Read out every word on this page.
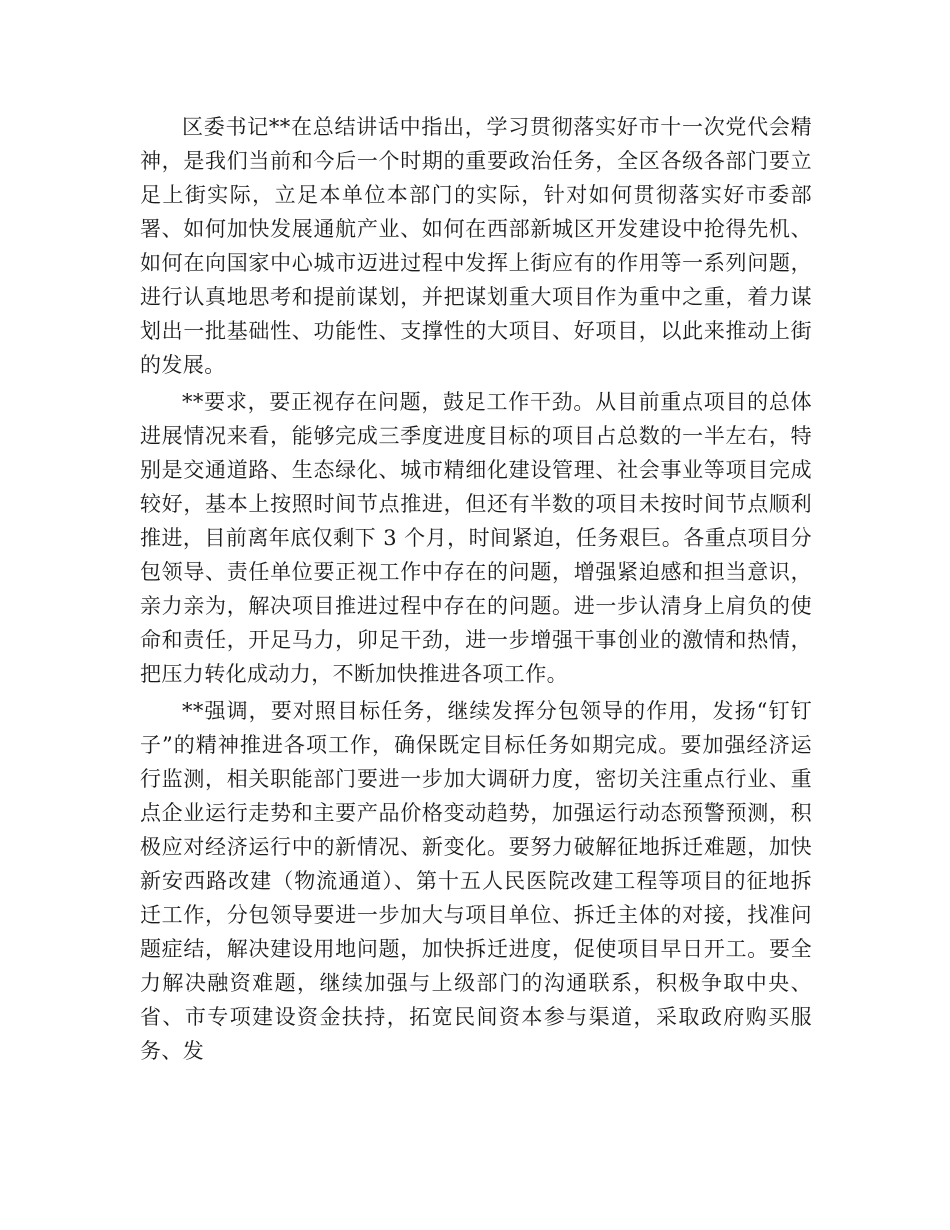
区委书记**在总结讲话中指出，学习贯彻落实好市十一次党代会精神，是我们当前和今后一个时期的重要政治任务，全区各级各部门要立足上街实际，立足本单位本部门的实际，针对如何贯彻落实好市委部署、如何加快发展通航产业、如何在西部新城区开发建设中抢得先机、如何在向国家中心城市迈进过程中发挥上街应有的作用等一系列问题，进行认真地思考和提前谋划，并把谋划重大项目作为重中之重，着力谋划出一批基础性、功能性、支撑性的大项目、好项目，以此来推动上街的发展。

**要求，要正视存在问题，鼓足工作干劲。从目前重点项目的总体进展情况来看，能够完成三季度进度目标的项目占总数的一半左右，特别是交通道路、生态绿化、城市精细化建设管理、社会事业等项目完成较好，基本上按照时间节点推进，但还有半数的项目未按时间节点顺利推进，目前离年底仅剩下 3 个月，时间紧迫，任务艰巨。各重点项目分包领导、责任单位要正视工作中存在的问题，增强紧迫感和担当意识，亲力亲为，解决项目推进过程中存在的问题。进一步认清身上肩负的使命和责任，开足马力，卯足干劲，进一步增强干事创业的激情和热情，把压力转化成动力，不断加快推进各项工作。

**强调，要对照目标任务，继续发挥分包领导的作用，发扬“钉钉子”的精神推进各项工作，确保既定目标任务如期完成。要加强经济运行监测，相关职能部门要进一步加大调研力度，密切关注重点行业、重点企业运行走势和主要产品价格变动趋势，加强运行动态预警预测，积极应对经济运行中的新情况、新变化。要努力破解征地拆迁难题，加快新安西路改建（物流通道）、第十五人民医院改建工程等项目的征地拆迁工作，分包领导要进一步加大与项目单位、拆迁主体的对接，找准问题症结，解决建设用地问题，加快拆迁进度，促使项目早日开工。要全力解决融资难题，继续加强与上级部门的沟通联系，积极争取中央、省、市专项建设资金扶持，拓宽民间资本参与渠道，采取政府购买服务、发
